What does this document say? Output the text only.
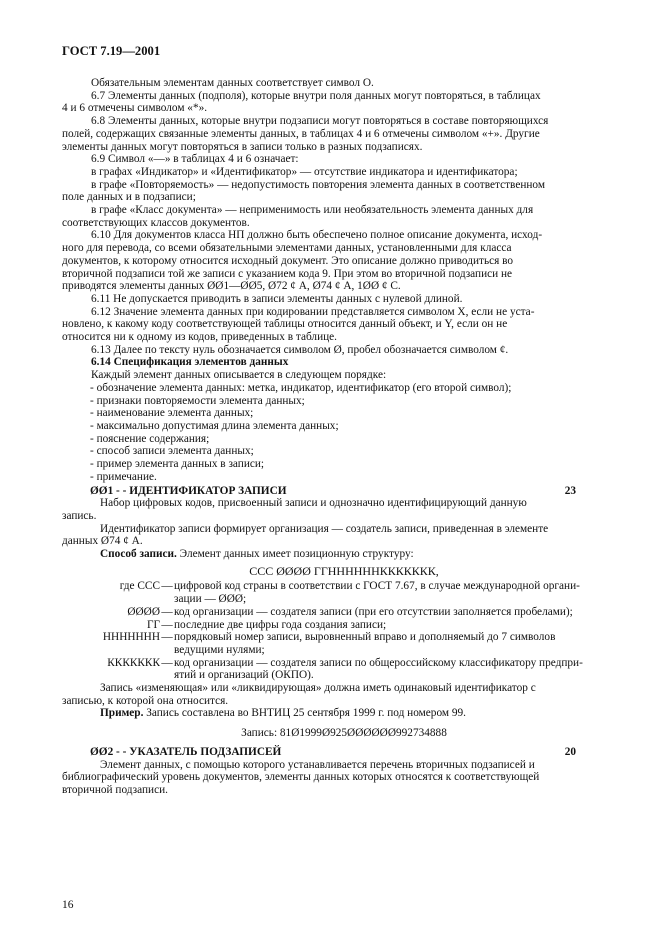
ГОСТ 7.19—2001

Обязательным элементам данных соответствует символ О.

6.7 Элементы данных (подполя), которые внутри поля данных могут повторяться, в таблицах

4 и 6 отмечены символом «*».

6.8 Элементы данных, которые внутри подзаписи могут повторяться в составе повторяющихся

полей, содержащих связанные элементы данных, в таблицах 4 и 6 отмечены символом «+». Другие

элементы данных могут повторяться в записи только в разных подзаписях.

6.9 Символ «—» в таблицах 4 и 6 означает:

в графах «Индикатор» и «Идентификатор» — отсутствие индикатора и идентификатора;

в графе «Повторяемость» — недопустимость повторения элемента данных в соответственном

поле данных и в подзаписи;

в графе «Класс документа» — неприменимость или необязательность элемента данных для

соответствующих классов документов.

6.10 Для документов класса НП должно быть обеспечено полное описание документа, исход-

ного для перевода, со всеми обязательными элементами данных, установленными для класса

документов, к которому относится исходный документ. Это описание должно приводиться во

вторичной подзаписи той же записи с указанием кода 9. При этом во вторичной подзаписи не

приводятся элементы данных ØØ1—ØØ5, Ø72 ȼ А, Ø74 ȼ А, 1ØØ ȼ С.

6.11 Не допускается приводить в записи элементы данных с нулевой длиной.

6.12 Значение элемента данных при кодировании представляется символом Х, если не уста-

новлено, к какому коду соответствующей таблицы относится данный объект, и Y, если он не

относится ни к одному из кодов, приведенных в таблице.

6.13 Далее по тексту нуль обозначается символом Ø, пробел обозначается символом ȼ.

6.14 Спецификация элементов данных

Каждый элемент данных описывается в следующем порядке:

- обозначение элемента данных: метка, индикатор, идентификатор (его второй символ);

- признаки повторяемости элемента данных;

- наименование элемента данных;

- максимально допустимая длина элемента данных;

- пояснение содержания;

- способ записи элемента данных;

- пример элемента данных в записи;

- примечание.

ØØ1 - - ИДЕНТИФИКАТОР ЗАПИСИ	23

Набор цифровых кодов, присвоенный записи и однозначно идентифицирующий данную

запись.

Идентификатор записи формирует организация — создатель записи, приведенная в элементе

данных Ø74 ȼ А.

Способ записи. Элемент данных имеет позиционную структуру:

ССС ØØØØ ГГННННННККККККК,
где ССС — цифровой код страны в соответствии с ГОСТ 7.67, в случае международной органи-
зации — ØØØ;
ØØØØ — код организации — создателя записи (при его отсутствии заполняется пробелами);
ГГ — последние две цифры года создания записи;
ННННННН — порядковый номер записи, выровненный вправо и дополняемый до 7 символов
ведущими нулями;
ККККККК — код организации — создателя записи по общероссийскому классификатору предпри-
ятий и организаций (ОКПО).

Запись «изменяющая» или «ликвидирующая» должна иметь одинаковый идентификатор с

записью, к которой она относится.

Пример. Запись составлена во ВНТИЦ 25 сентября 1999 г. под номером 99.

Запись: 81Ø1999Ø925ØØØØØØ992734888
ØØ2 - - УКАЗАТЕЛЬ ПОДЗАПИСЕЙ	20

Элемент данных, с помощью которого устанавливается перечень вторичных подзаписей и

библиографический уровень документов, элементы данных которых относятся к соответствующей

вторичной подзаписи.

16
